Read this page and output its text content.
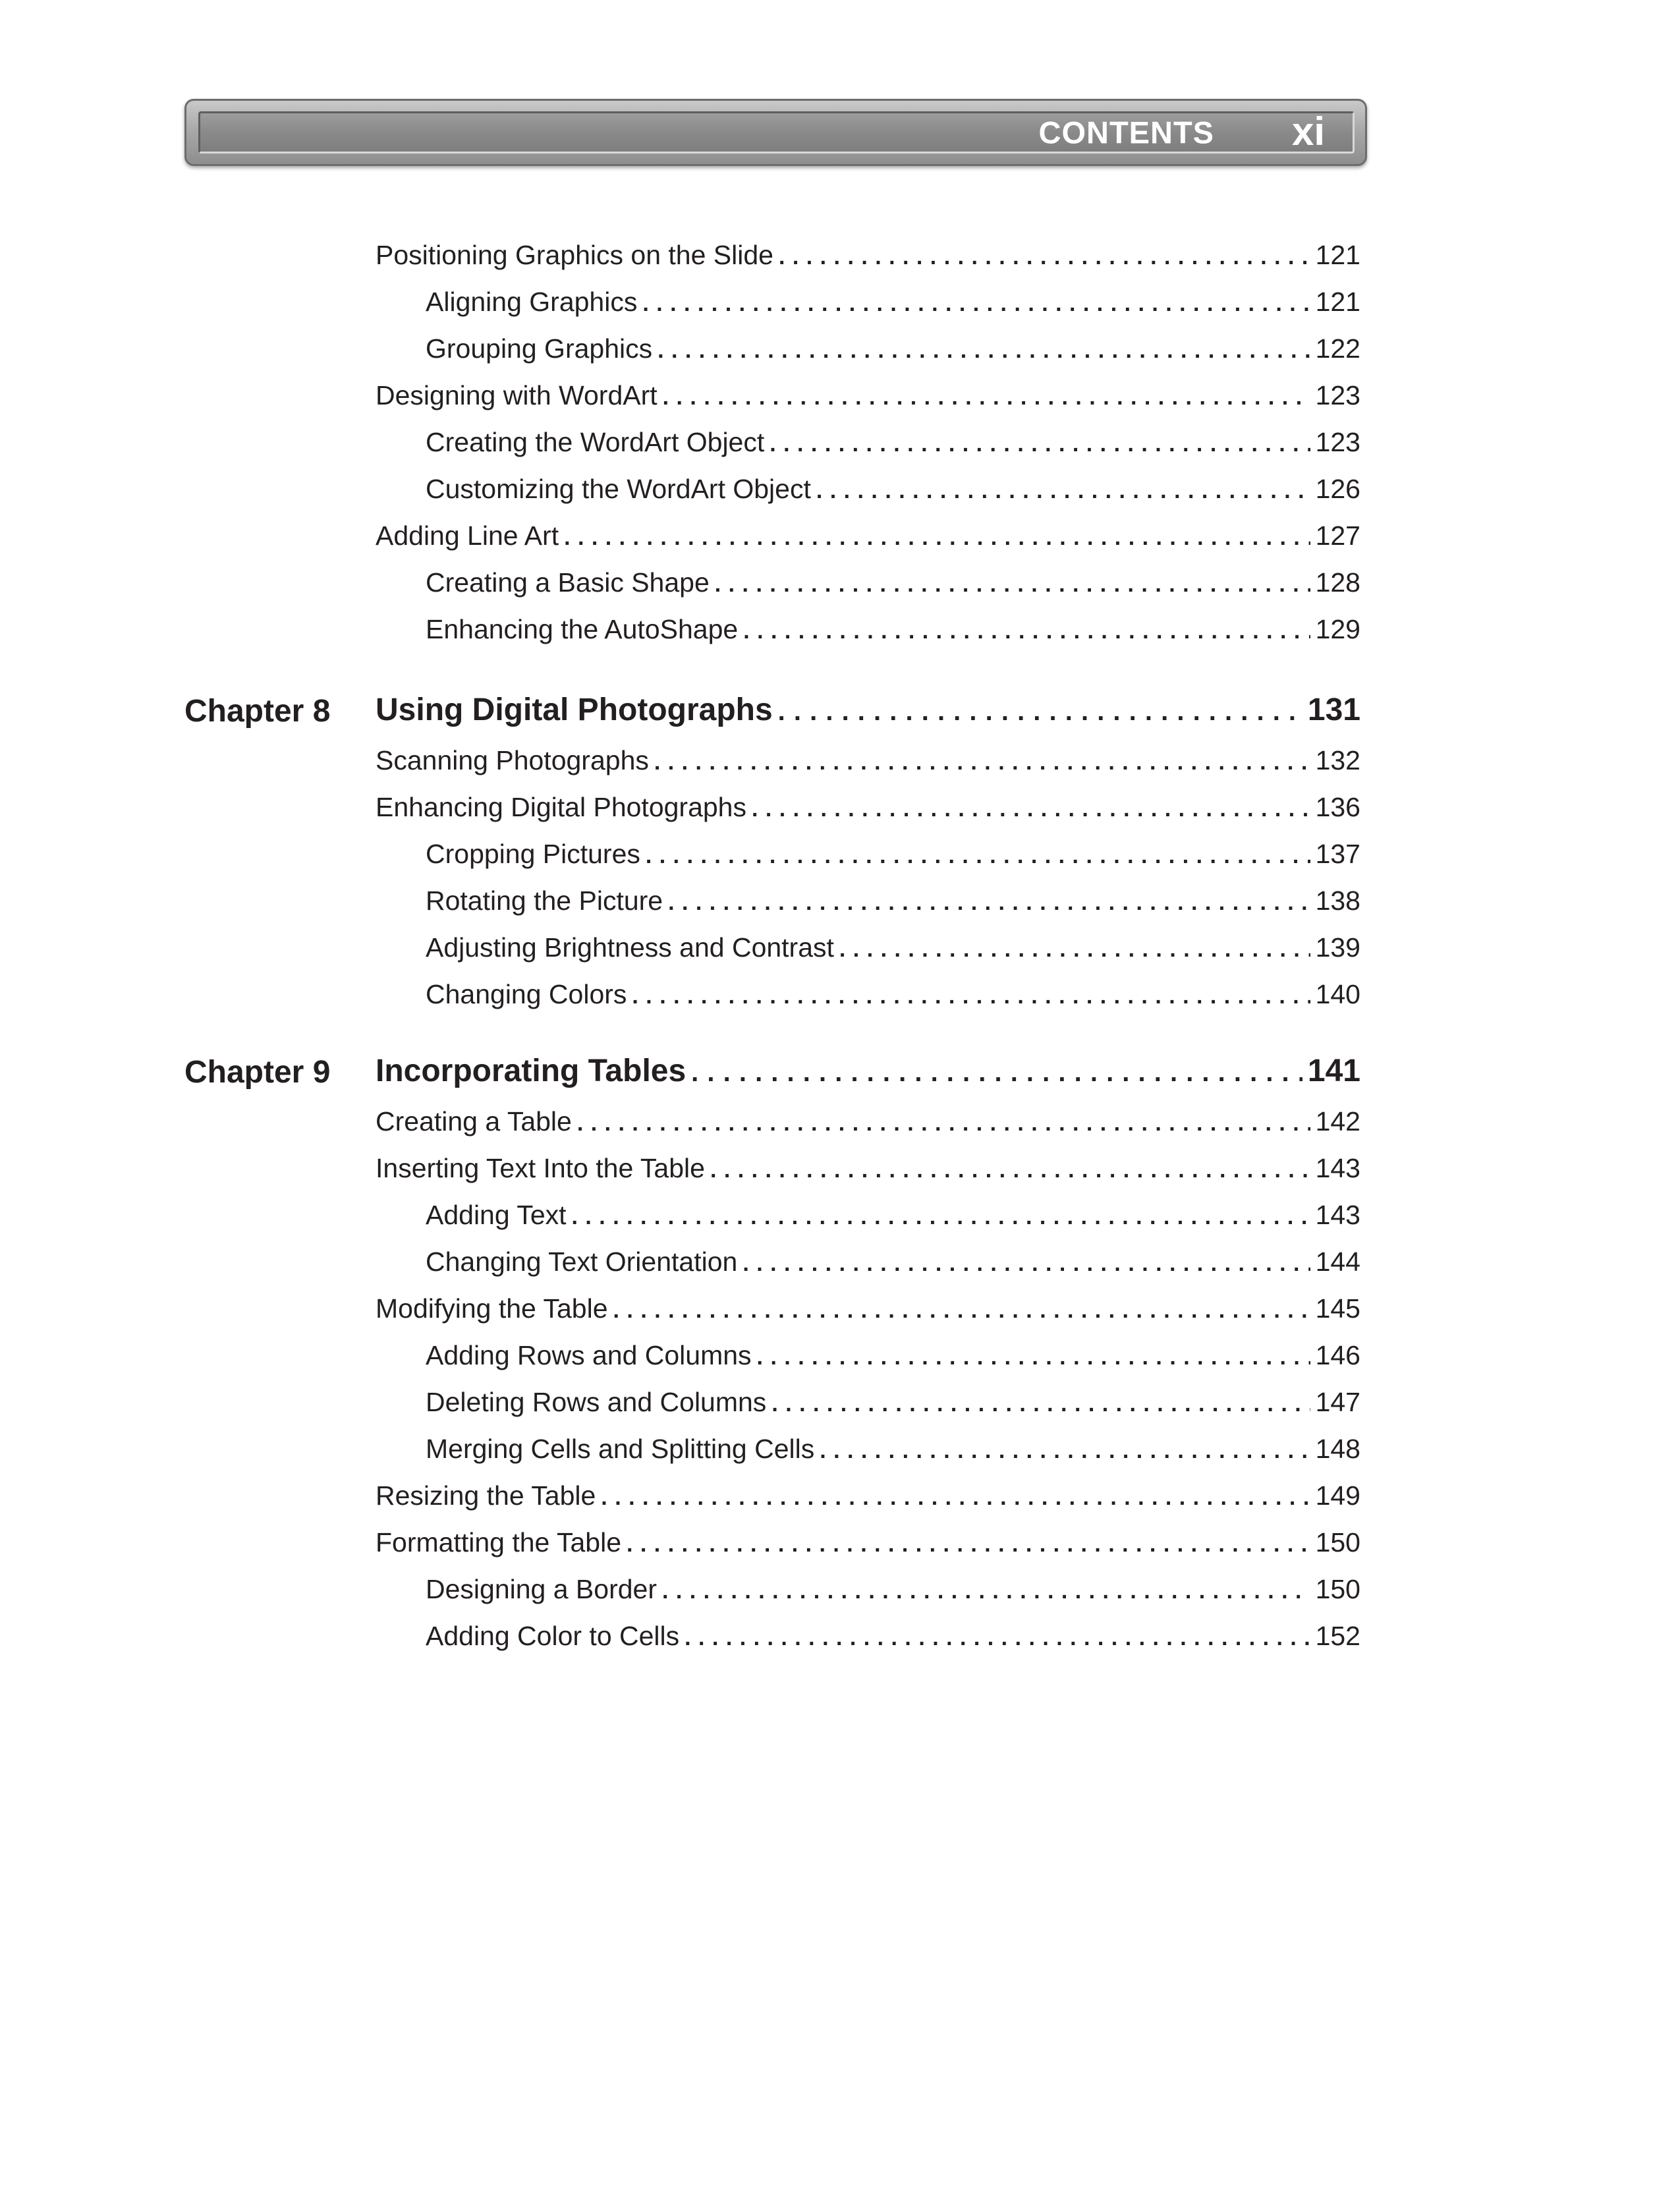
CONTENTS xi
Positioning Graphics on the Slide . . .	121
Aligning Graphics . . .	121
Grouping Graphics . . .	122
Designing with WordArt . . .	123
Creating the WordArt Object . . .	123
Customizing the WordArt Object . . .	126
Adding Line Art . . .	127
Creating a Basic Shape . . .	128
Enhancing the AutoShape . . .	129
Chapter 8 Using Digital Photographs . . .	131
Scanning Photographs . . .	132
Enhancing Digital Photographs . . .	136
Cropping Pictures . . .	137
Rotating the Picture . . .	138
Adjusting Brightness and Contrast . . .	139
Changing Colors . . .	140
Chapter 9 Incorporating Tables . . .	141
Creating a Table . . .	142
Inserting Text Into the Table . . .	143
Adding Text . . .	143
Changing Text Orientation . . .	144
Modifying the Table . . .	145
Adding Rows and Columns . . .	146
Deleting Rows and Columns . . .	147
Merging Cells and Splitting Cells . . .	148
Resizing the Table . . .	149
Formatting the Table . . .	150
Designing a Border . . .	150
Adding Color to Cells . . .	152
